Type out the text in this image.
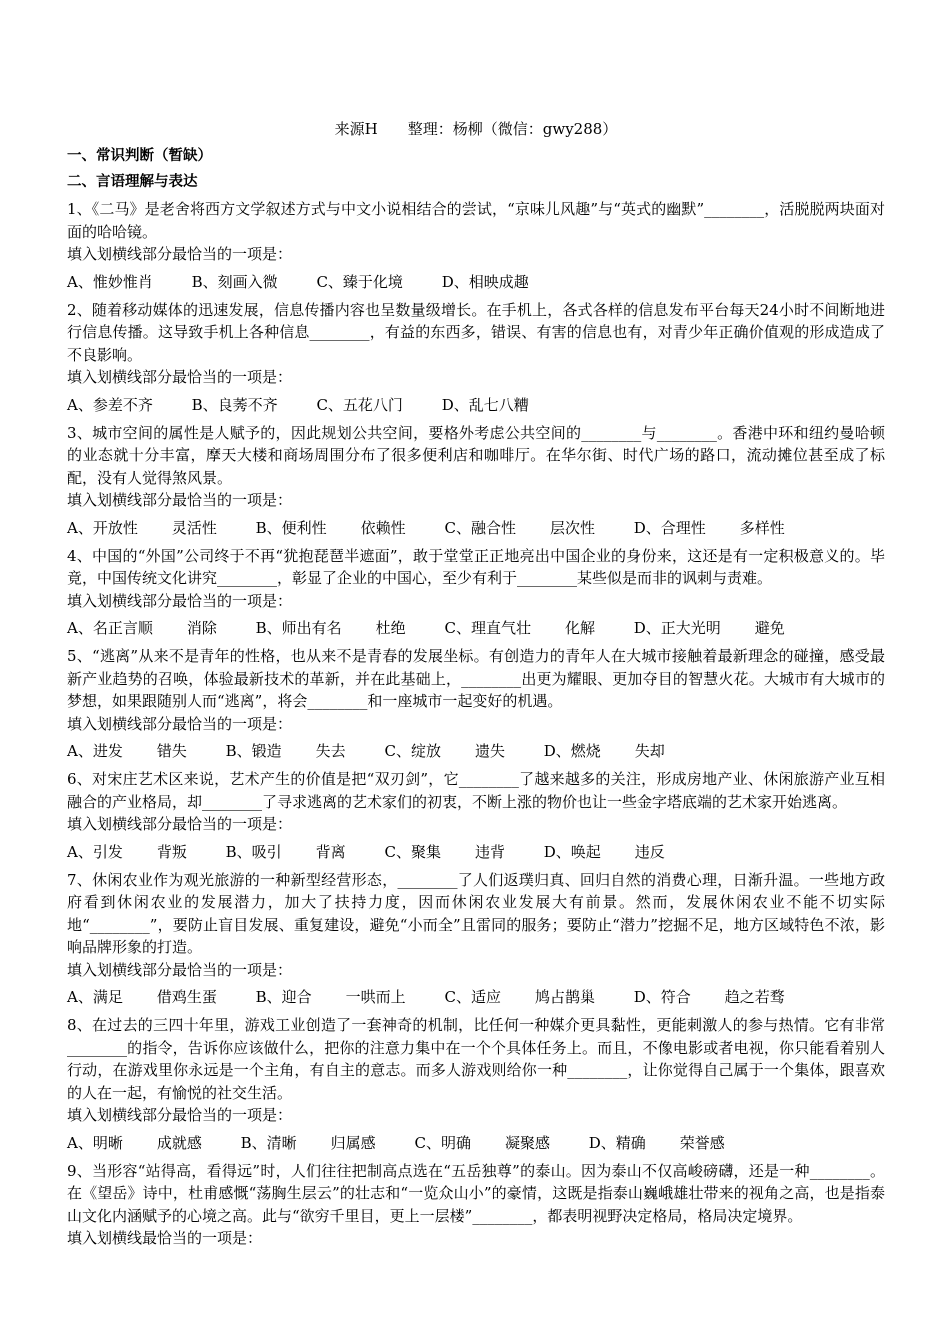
来源H　　整理：杨柳（微信：gwy288）
一、常识判断（暂缺）
二、言语理解与表达
1、《二马》是老舍将西方文学叙述方式与中文小说相结合的尝试，“京味儿风趣”与“英式的幽默”________，活脱脱两块面对面的哈哈镜。
填入划横线部分最恰当的一项是：
A、惟妙惟肖	B、刻画入微	C、臻于化境	D、相映成趣
2、随着移动媒体的迅速发展，信息传播内容也呈数量级增长。在手机上，各式各样的信息发布平台每天24小时不间断地进行信息传播。这导致手机上各种信息________，有益的东西多，错误、有害的信息也有，对青少年正确价值观的形成造成了不良影响。
填入划横线部分最恰当的一项是：
A、参差不齐	B、良莠不齐	C、五花八门	D、乱七八糟
3、城市空间的属性是人赋予的，因此规划公共空间，要格外考虑公共空间的________与________。香港中环和纽约曼哈顿的业态就十分丰富，摩天大楼和商场周围分布了很多便利店和咖啡厅。在华尔街、时代广场的路口，流动摊位甚至成了标配，没有人觉得煞风景。
填入划横线部分最恰当的一项是：
A、开放性 灵活性	B、便利性 依赖性	C、融合性 层次性	D、合理性 多样性
4、中国的“外国”公司终于不再“犹抱琵琶半遮面”，敢于堂堂正正地亮出中国企业的身份来，这还是有一定积极意义的。毕竟，中国传统文化讲究________，彰显了企业的中国心，至少有利于________某些似是而非的讽刺与责难。
填入划横线部分最恰当的一项是：
A、名正言顺 消除	B、师出有名 杜绝	C、理直气壮 化解	D、正大光明 避免
5、“逃离”从来不是青年的性格，也从来不是青春的发展坐标。有创造力的青年人在大城市接触着最新理念的碰撞，感受最新产业趋势的召唤，体验最新技术的革新，并在此基础上，________出更为耀眼、更加夺目的智慧火花。大城市有大城市的梦想，如果跟随别人而“逃离”，将会________和一座城市一起变好的机遇。
填入划横线部分最恰当的一项是：
A、进发 错失	B、锻造 失去	C、绽放 遗失	D、燃烧 失却
6、对宋庄艺术区来说，艺术产生的价值是把“双刃剑”，它________了越来越多的关注，形成房地产业、休闲旅游产业互相融合的产业格局，却________了寻求逃离的艺术家们的初衷，不断上涨的物价也让一些金字塔底端的艺术家开始逃离。
填入划横线部分最恰当的一项是：
A、引发 背叛	B、吸引 背离	C、聚集 违背	D、唤起 违反
7、休闲农业作为观光旅游的一种新型经营形态，________了人们返璞归真、回归自然的消费心理，日渐升温。一些地方政府看到休闲农业的发展潜力，加大了扶持力度，因而休闲农业发展大有前景。然而，发展休闲农业不能不切实际地“________”，要防止盲目发展、重复建设，避免“小而全”且雷同的服务；要防止“潜力”挖掘不足，地方区域特色不浓，影响品牌形象的打造。
填入划横线部分最恰当的一项是：
A、满足 借鸡生蛋	B、迎合 一哄而上	C、适应 鸠占鹊巢	D、符合 趋之若骛
8、在过去的三四十年里，游戏工业创造了一套神奇的机制，比任何一种媒介更具黏性，更能刺激人的参与热情。它有非常________的指令，告诉你应该做什么，把你的注意力集中在一个个具体任务上。而且，不像电影或者电视，你只能看着别人行动，在游戏里你永远是一个主角，有自主的意志。而多人游戏则给你一种________，让你觉得自己属于一个集体，跟喜欢的人在一起，有愉悦的社交生活。
填入划横线部分最恰当的一项是：
A、明晰 成就感	B、清晰 归属感	C、明确 凝聚感	D、精确 荣誉感
9、当形容“站得高，看得远”时，人们往往把制高点选在“五岳独尊”的泰山。因为泰山不仅高峻磅礴，还是一种________。在《望岳》诗中，杜甫感慨“荡胸生层云”的壮志和“一览众山小”的豪情，这既是指泰山巍峨雄壮带来的视角之高，也是指泰山文化内涵赋予的心境之高。此与“欲穷千里目，更上一层楼”________，都表明视野决定格局，格局决定境界。
填入划横线最恰当的一项是：
